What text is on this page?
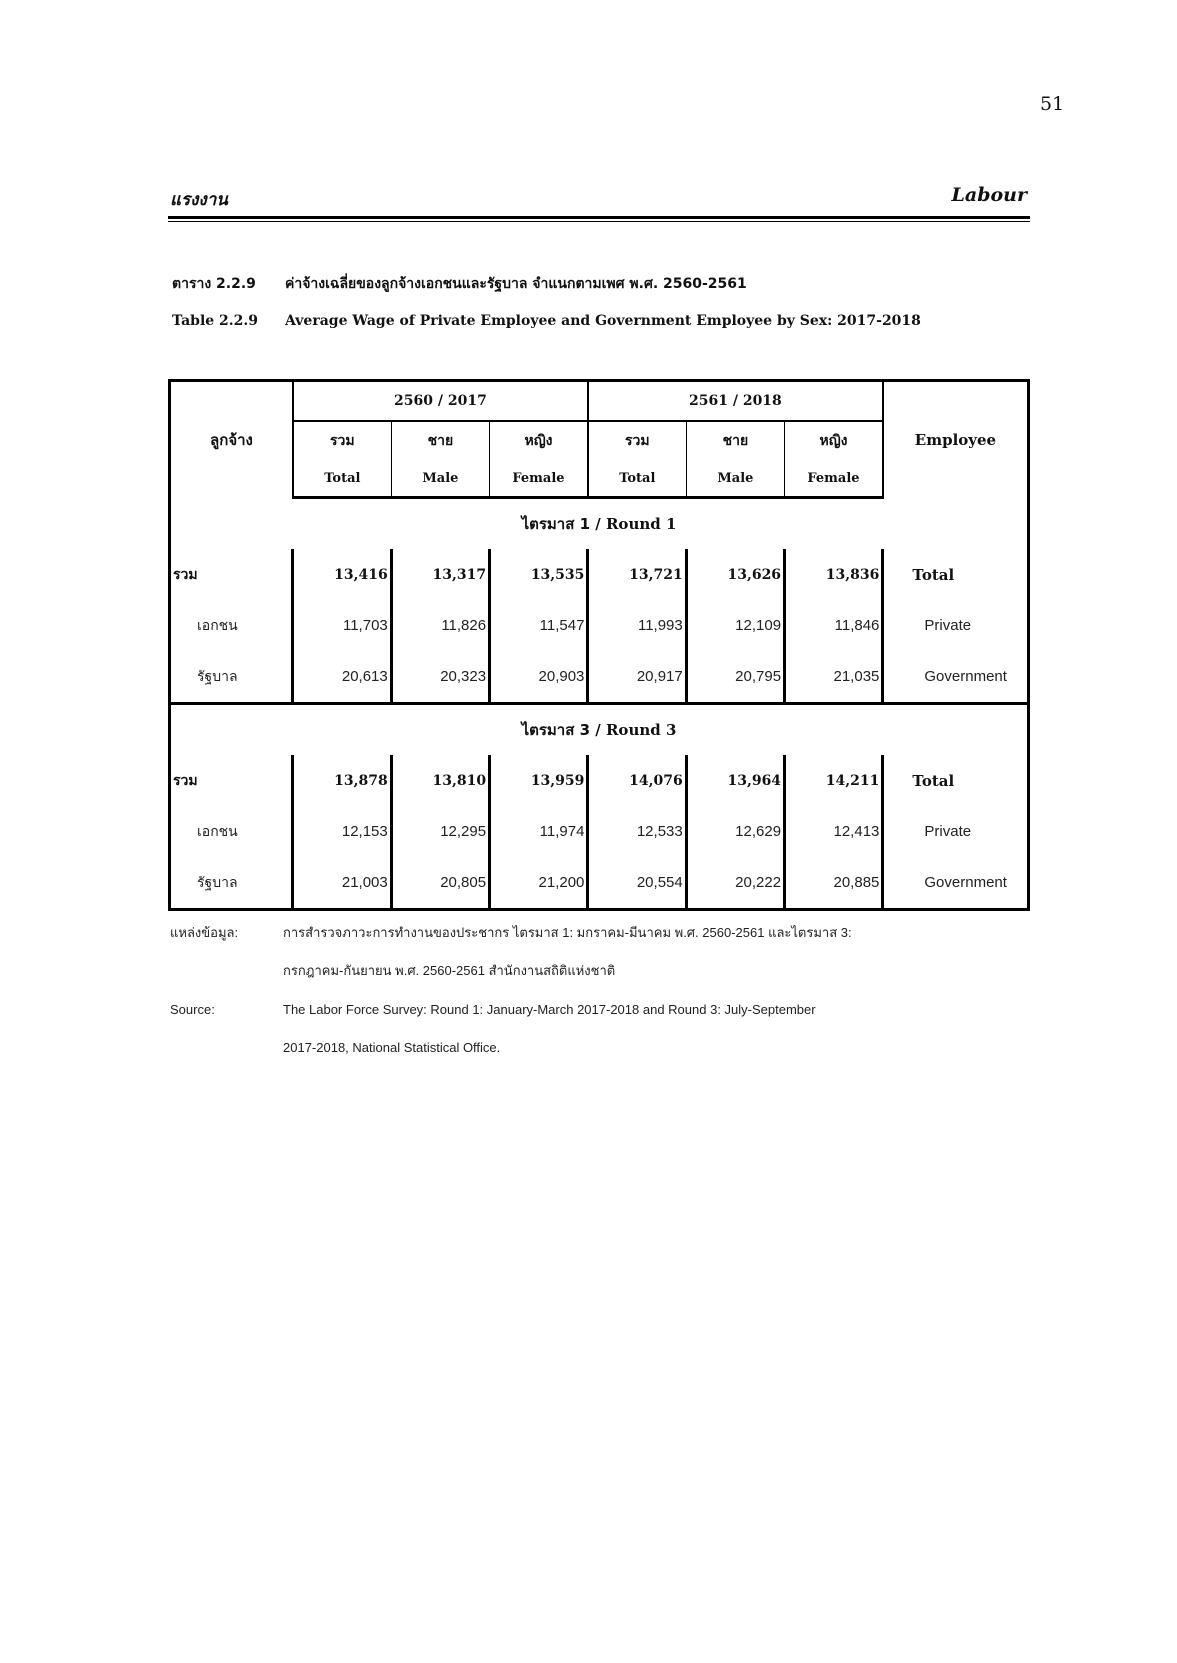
51
แรงงาน	Labour
ตาราง 2.2.9 ค่าจ้างเฉลี่ยของลูกจ้างเอกชนและรัฐบาล จำแนกตามเพศ พ.ศ. 2560-2561
Table 2.2.9 Average Wage of Private Employee and Government Employee by Sex: 2017-2018
ลูกจ้าง	2560 / 2017			2561 / 2018			Employee
	รวม	ชาย	หญิง	รวม	ชาย	หญิง	
	Total	Male	Female	Total	Male	Female	
ไตรมาส 1 / Round 1							
รวม	13,416	13,317	13,535	13,721	13,626	13,836	Total
เอกชน	11,703	11,826	11,547	11,993	12,109	11,846	Private
รัฐบาล	20,613	20,323	20,903	20,917	20,795	21,035	Government
ไตรมาส 3 / Round 3							
รวม	13,878	13,810	13,959	14,076	13,964	14,211	Total
เอกชน	12,153	12,295	11,974	12,533	12,629	12,413	Private
รัฐบาล	21,003	20,805	21,200	20,554	20,222	20,885	Government
แหล่งข้อมูล:	การสำรวจภาวะการทำงานของประชากร ไตรมาส 1: มกราคม-มีนาคม พ.ศ. 2560-2561 และไตรมาส 3:
กรกฎาคม-กันยายน พ.ศ. 2560-2561 สำนักงานสถิติแห่งชาติ
Source:	The Labor Force Survey: Round 1: January-March 2017-2018 and Round 3: July-September
2017-2018, National Statistical Office.
